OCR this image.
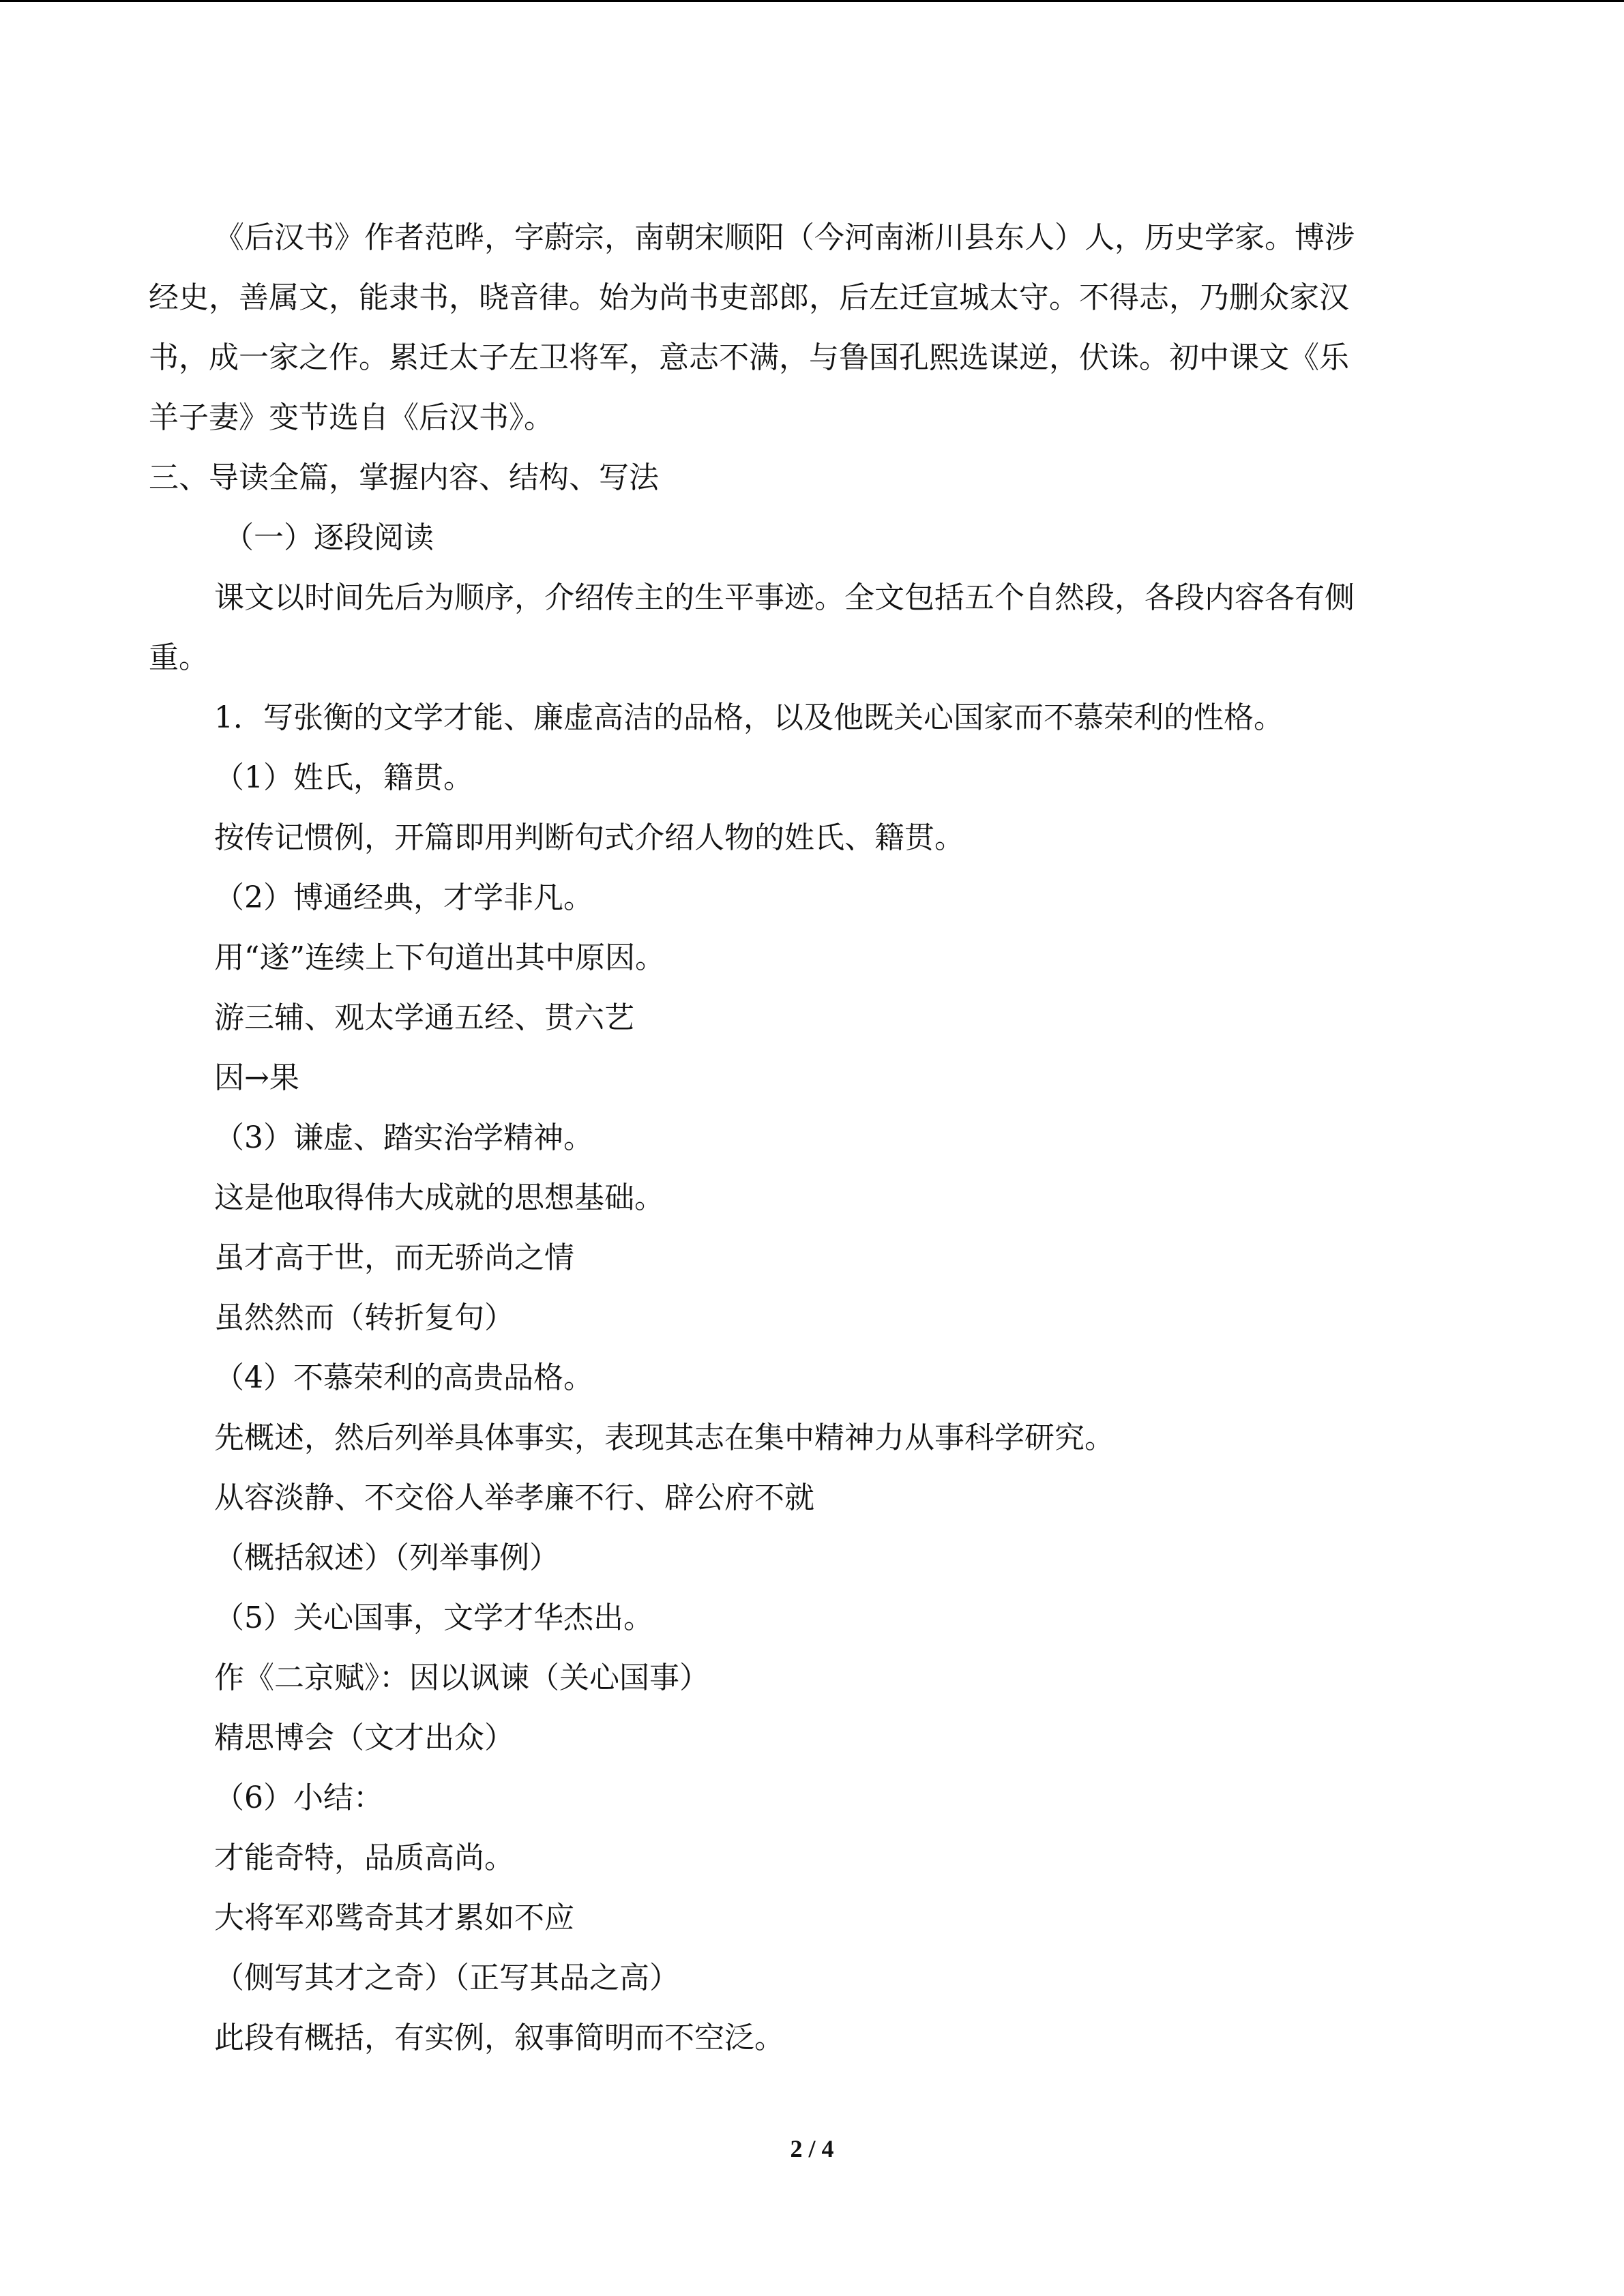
《后汉书》作者范晔，字蔚宗，南朝宋顺阳（今河南淅川县东人）人，历史学家。博涉
经史，善属文，能隶书，晓音律。始为尚书吏部郎，后左迁宣城太守。不得志，乃删众家汉
书，成一家之作。累迁太子左卫将军，意志不满，与鲁国孔熙选谋逆，伏诛。初中课文《乐
羊子妻》变节选自《后汉书》。
三、导读全篇，掌握内容、结构、写法
（一）逐段阅读
课文以时间先后为顺序，介绍传主的生平事迹。全文包括五个自然段，各段内容各有侧
重。
1．写张衡的文学才能、廉虚高洁的品格，以及他既关心国家而不慕荣利的性格。
（1）姓氏，籍贯。
按传记惯例，开篇即用判断句式介绍人物的姓氏、籍贯。
（2）博通经典，才学非凡。
用“遂”连续上下句道出其中原因。
游三辅、观太学通五经、贯六艺
因→果
（3）谦虚、踏实治学精神。
这是他取得伟大成就的思想基础。
虽才高于世，而无骄尚之情
虽然然而（转折复句）
（4）不慕荣利的高贵品格。
先概述，然后列举具体事实，表现其志在集中精神力从事科学研究。
从容淡静、不交俗人举孝廉不行、辟公府不就
（概括叙述）（列举事例）
（5）关心国事，文学才华杰出。
作《二京赋》：因以讽谏（关心国事）
精思博会（文才出众）
（6）小结：
才能奇特，品质高尚。
大将军邓骘奇其才累如不应
（侧写其才之奇）（正写其品之高）
此段有概括，有实例，叙事简明而不空泛。
2 / 4
